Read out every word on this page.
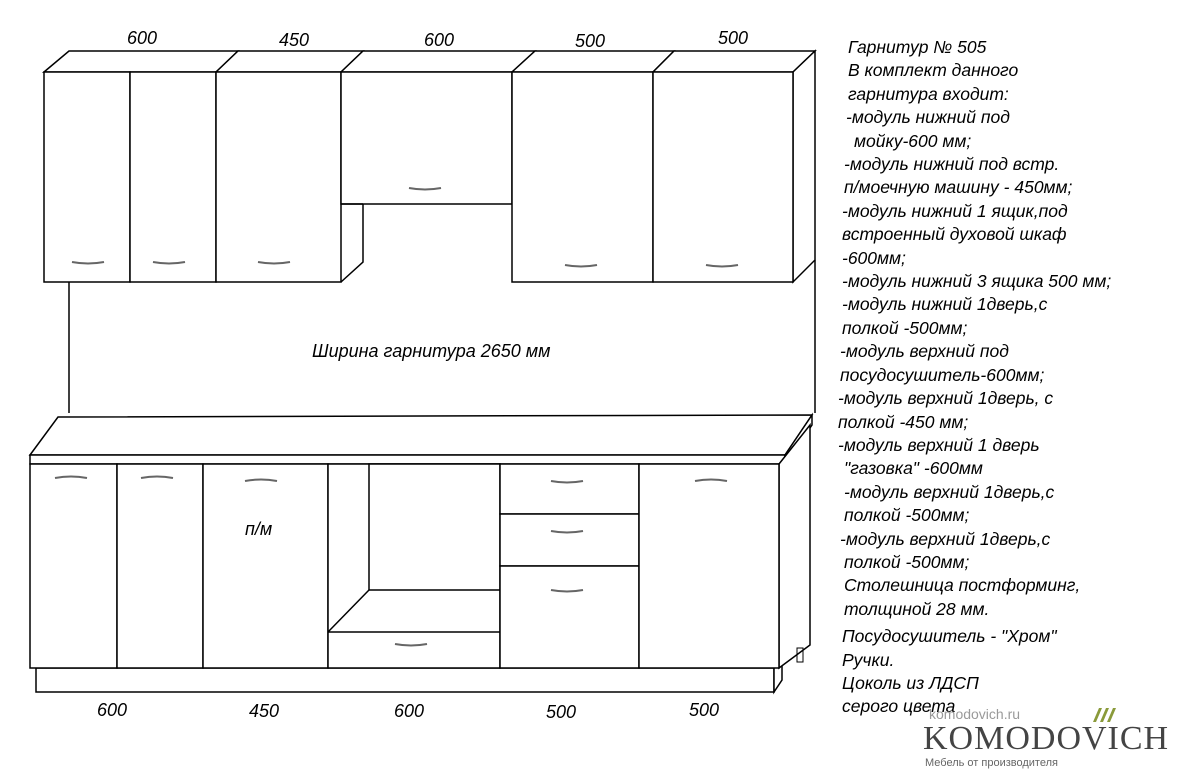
600	450	600	500	500
600	450	600	500	500
Ширина гарнитура 2650 мм
п/м
Гарнитур № 505
В комплект данного
гарнитура входит:
-модуль нижний под
мойку-600 мм;
-модуль нижний под встр.
п/моечную машину - 450мм;
-модуль нижний 1 ящик,под
встроенный духовой шкаф
-600мм;
-модуль нижний 3 ящика 500 мм;
-модуль нижний 1дверь,с
полкой -500мм;
-модуль верхний под
посудосушитель-600мм;
-модуль верхний 1дверь, с
полкой -450 мм;
-модуль верхний 1 дверь
"газовка" -600мм
-модуль верхний 1дверь,с
полкой -500мм;
-модуль верхний 1дверь,с
полкой -500мм;
Столешница постформинг,
толщиной 28 мм.
Посудосушитель - "Хром"
Ручки.
Цоколь из ЛДСП
серого цвета
komodovich.ru
KOMODOVICH
Мебель от производителя
